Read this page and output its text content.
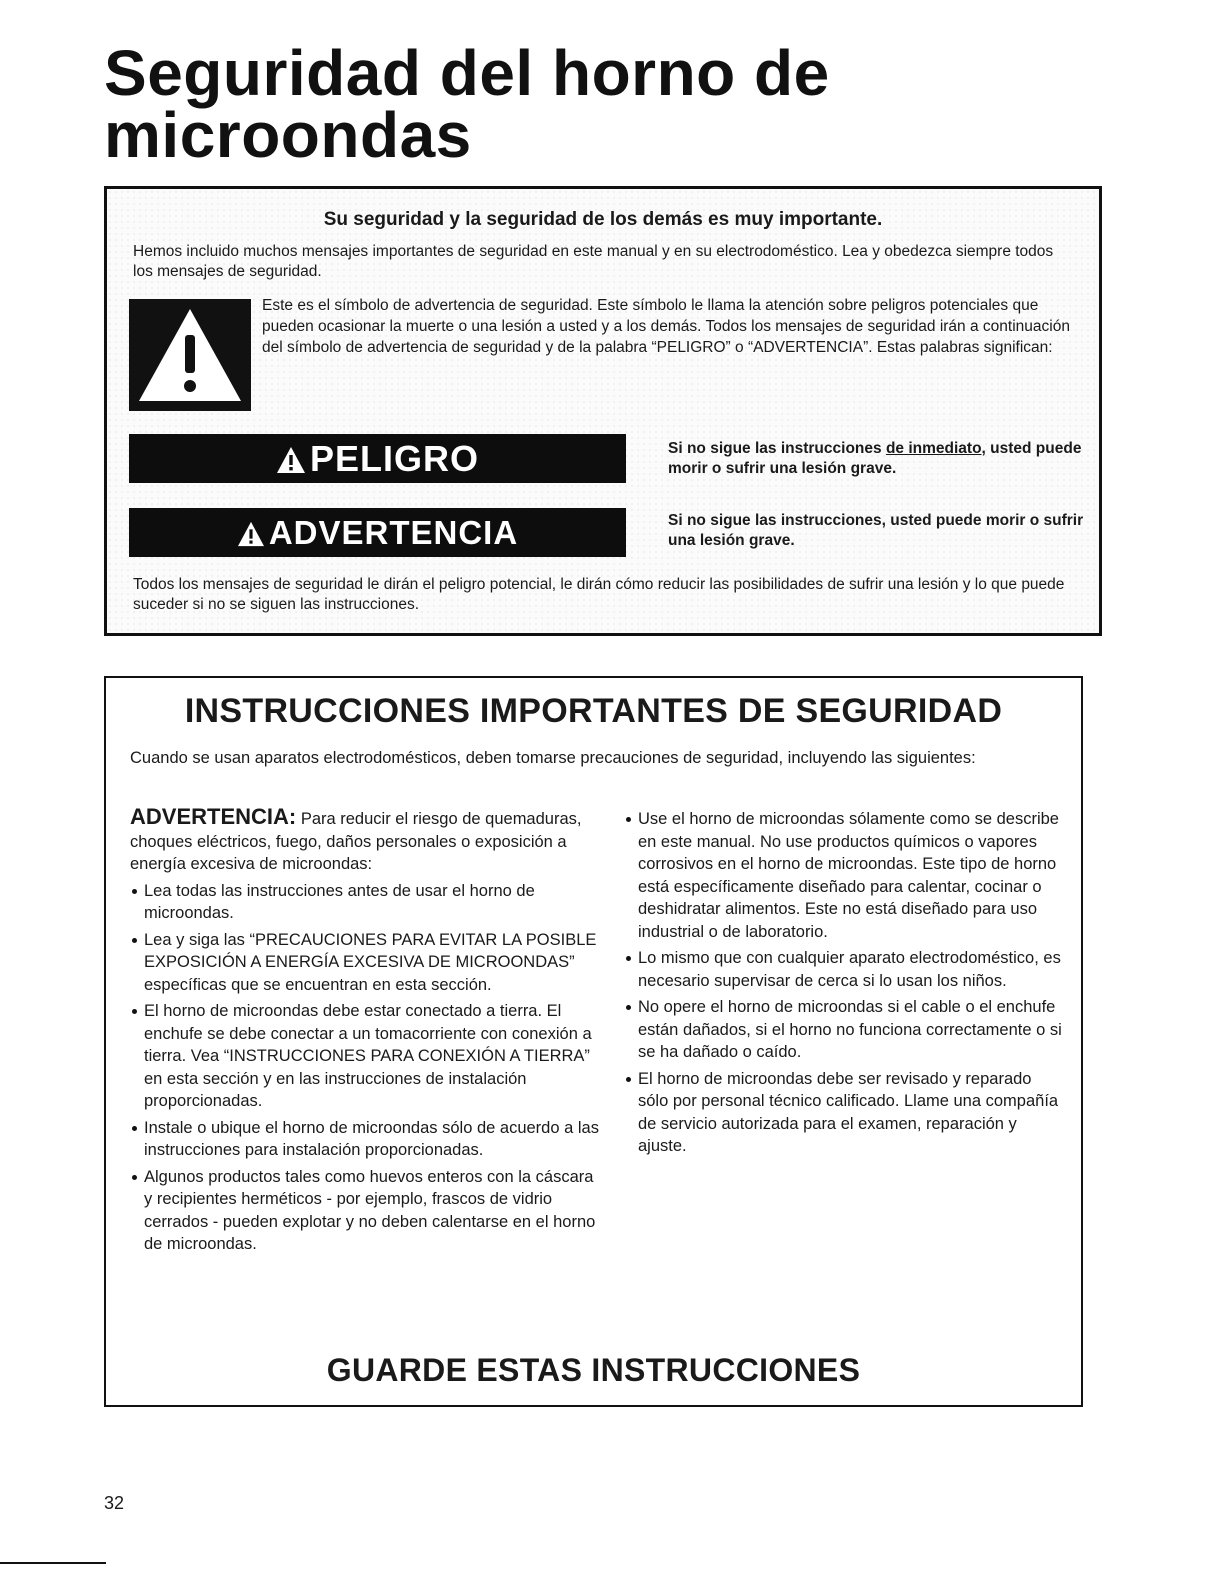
Seguridad del horno de microondas
Su seguridad y la seguridad de los demás es muy importante.

Hemos incluido muchos mensajes importantes de seguridad en este manual y en su electrodoméstico. Lea y obedezca siempre todos los mensajes de seguridad.

Este es el símbolo de advertencia de seguridad. Este símbolo le llama la atención sobre peligros potenciales que pueden ocasionar la muerte o una lesión a usted y a los demás. Todos los mensajes de seguridad irán a continuación del símbolo de advertencia de seguridad y de la palabra “PELIGRO” o “ADVERTENCIA”. Estas palabras significan:

PELIGRO	Si no sigue las instrucciones de inmediato, usted puede morir o sufrir una lesión grave.

ADVERTENCIA	Si no sigue las instrucciones, usted puede morir o sufrir una lesión grave.

Todos los mensajes de seguridad le dirán el peligro potencial, le dirán cómo reducir las posibilidades de sufrir una lesión y lo que puede suceder si no se siguen las instrucciones.

INSTRUCCIONES IMPORTANTES DE SEGURIDAD

Cuando se usan aparatos electrodomésticos, deben tomarse precauciones de seguridad, incluyendo las siguientes:

ADVERTENCIA: Para reducir el riesgo de quemaduras, choques eléctricos, fuego, daños personales o exposición a energía excesiva de microondas:

Lea todas las instrucciones antes de usar el horno de microondas.
Lea y siga las “PRECAUCIONES PARA EVITAR LA POSIBLE EXPOSICIÓN A ENERGÍA EXCESIVA DE MICROONDAS” específicas que se encuentran en esta sección.
El horno de microondas debe estar conectado a tierra. El enchufe se debe conectar a un tomacorriente con conexión a tierra. Vea “INSTRUCCIONES PARA CONEXIÓN A TIERRA” en esta sección y en las instrucciones de instalación proporcionadas.
Instale o ubique el horno de microondas sólo de acuerdo a las instrucciones para instalación proporcionadas.
Algunos productos tales como huevos enteros con la cáscara y recipientes herméticos - por ejemplo, frascos de vidrio cerrados - pueden explotar y no deben calentarse en el horno de microondas.
Use el horno de microondas sólamente como se describe en este manual. No use productos químicos o vapores corrosivos en el horno de microondas. Este tipo de horno está específicamente diseñado para calentar, cocinar o deshidratar alimentos. Este no está diseñado para uso industrial o de laboratorio.
Lo mismo que con cualquier aparato electrodoméstico, es necesario supervisar de cerca si lo usan los niños.
No opere el horno de microondas si el cable o el enchufe están dañados, si el horno no funciona correctamente o si se ha dañado o caído.
El horno de microondas debe ser revisado y reparado sólo por personal técnico calificado. Llame una compañía de servicio autorizada para el examen, reparación y ajuste.
GUARDE ESTAS INSTRUCCIONES

32
